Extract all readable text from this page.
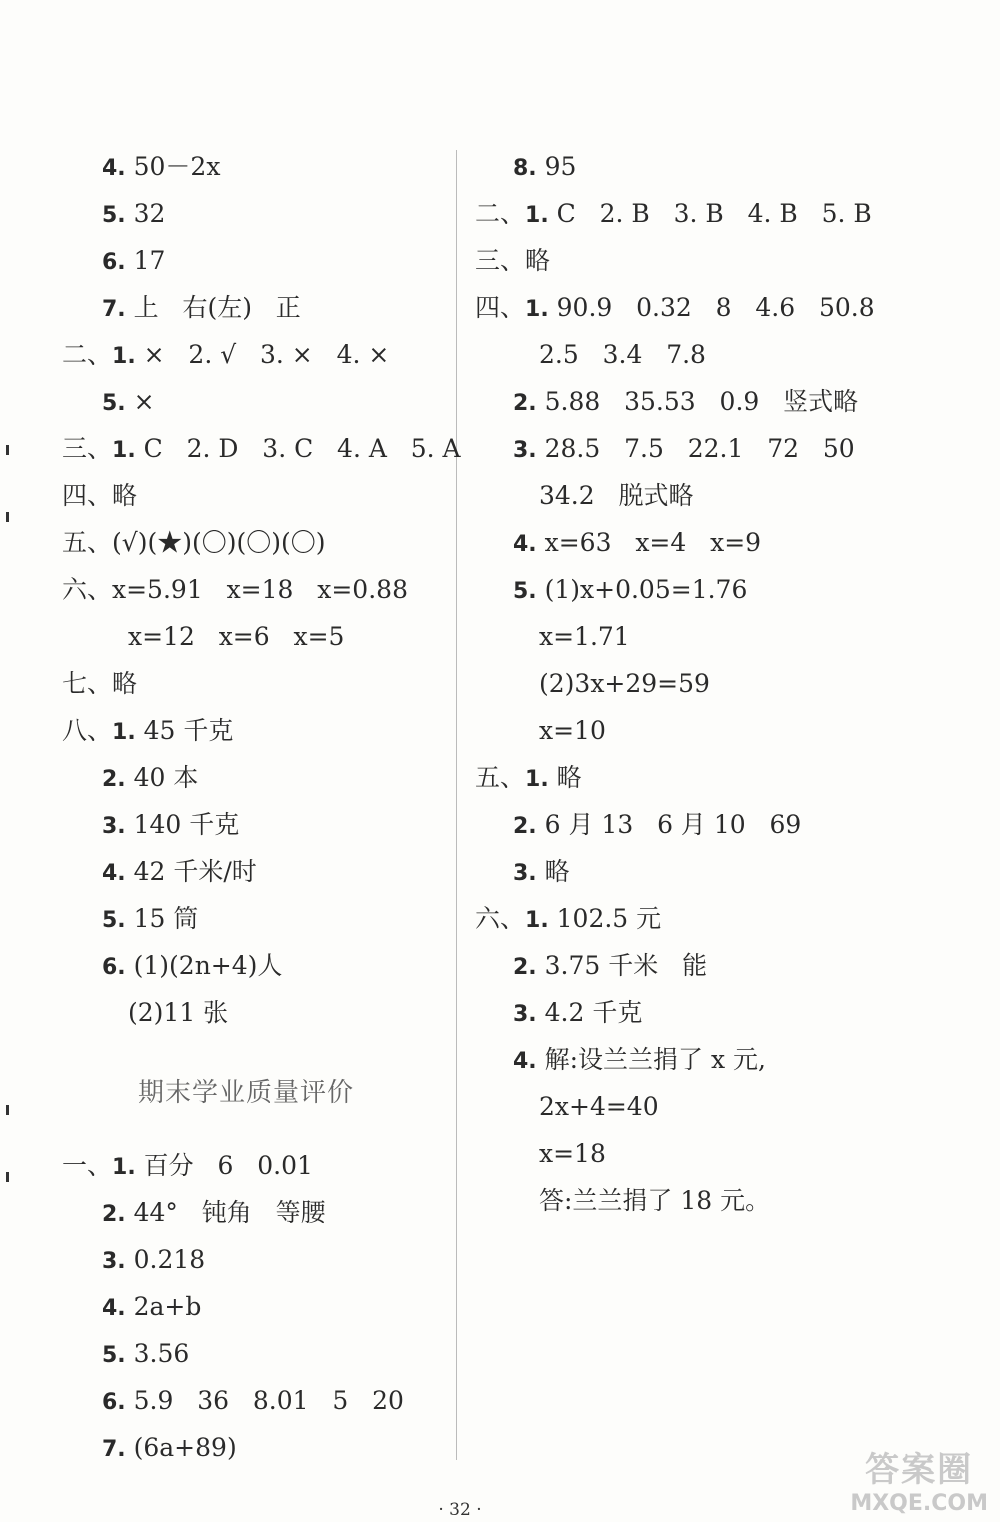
4. 50－2x
5. 32
6. 17
7. 上   右(左)   正
二、1. ×   2. √   3. ×   4. ×
5. ×
三、1. C   2. D   3. C   4. A   5. A
四、略
五、(√)(★)(〇)(〇)(〇)
六、x=5.91   x=18   x=0.88
x=12   x=6   x=5
七、略
八、1. 45 千克
2. 40 本
3. 140 千克
4. 42 千米/时
5. 15 筒
6. (1)(2n+4)人
(2)11 张
一、1. 百分   6   0.01
2. 44°   钝角   等腰
3. 0.218
4. 2a+b
5. 3.56
6. 5.9   36   8.01   5   20
7. (6a+89)
8. 95
二、1. C   2. B   3. B   4. B   5. B
三、略
四、1. 90.9   0.32   8   4.6   50.8
2.5   3.4   7.8
2. 5.88   35.53   0.9   竖式略
3. 28.5   7.5   22.1   72   50
34.2   脱式略
4. x=63   x=4   x=9
5. (1)x+0.05=1.76
x=1.71
(2)3x+29=59
x=10
五、1. 略
2. 6 月 13   6 月 10   69
3. 略
六、1. 102.5 元
2. 3.75 千米   能
3. 4.2 千克
4. 解:设兰兰捐了 x 元,
2x+4=40
x=18
答:兰兰捐了 18 元。
期末学业质量评价
· 32 ·
答案圈
MXQE.COM
